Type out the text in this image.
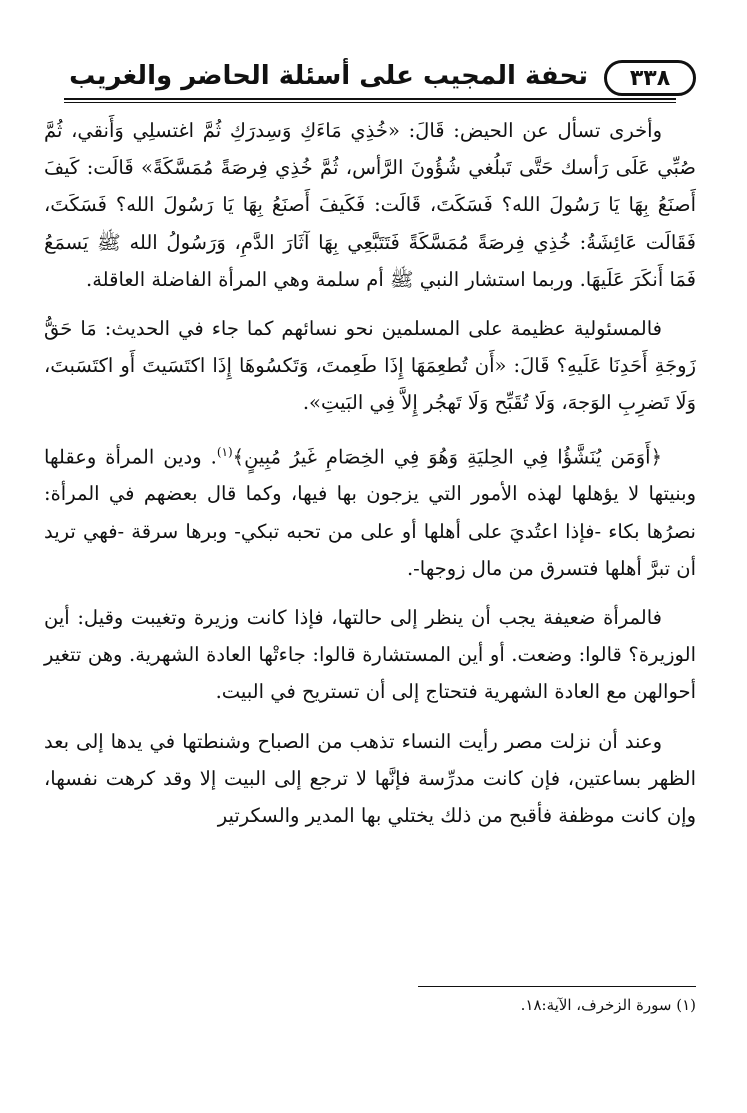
٣٣٨
تحفة المجيب على أسئلة الحاضر والغريب

وأخرى تسأل عن الحيض: قَالَ: «خُذِي مَاءَكِ وَسِدرَكِ ثُمَّ اغتسلِي وَأَنقي، ثُمَّ صُبِّي عَلَى رَأسك حَتَّى تَبلُغي شُؤُونَ الرَّأس، ثُمَّ خُذِي فِرصَةً مُمَسَّكَةً» قَالَت: كَيفَ أَصنَعُ بِهَا يَا رَسُولَ الله؟ فَسَكَتَ، قَالَت: فَكَيفَ أَصنَعُ بِهَا يَا رَسُولَ الله؟ فَسَكَتَ، فَقَالَت عَائِشَةُ: خُذِي فِرصَةً مُمَسَّكَةً فَتَتَبَّعِي بِهَا آثَارَ الدَّمِ، وَرَسُولُ الله ﷺ يَسمَعُ فَمَا أَنكَرَ عَلَيهَا. وربما استشار النبي ﷺ أم سلمة وهي المرأة الفاضلة العاقلة.

فالمسئولية عظيمة على المسلمين نحو نسائهم كما جاء في الحديث: مَا حَقُّ زَوجَةِ أَحَدِنَا عَلَيهِ؟ قَالَ: «أَن تُطعِمَهَا إِذَا طَعِمتَ، وَتَكسُوهَا إِذَا اكتَسَيتَ أَو اكتَسَبتَ، وَلَا تَضرِبِ الوَجهَ، وَلَا تُقَبِّح وَلَا تَهجُر إِلاَّ فِي البَيتِ».

﴿أَوَمَن يُنَشَّؤُا فِي الحِليَةِ وَهُوَ فِي الخِصَامِ غَيرُ مُبِينٍ﴾$^{(١)}$. ودين المرأة وعقلها وبنيتها لا يؤهلها لهذه الأمور التي يزجون بها فيها، وكما قال بعضهم في المرأة: نصرُها بكاء -فإذا اعتُديَ على أهلها أو على من تحبه تبكي- وبرها سرقة -فهي تريد أن تبرَّ أهلها فتسرق من مال زوجها-.

فالمرأة ضعيفة يجب أن ينظر إلى حالتها، فإذا كانت وزيرة وتغيبت وقيل: أين الوزيرة؟ قالوا: وضعت. أو أين المستشارة قالوا: جاءتْها العادة الشهرية. وهن تتغير أحوالهن مع العادة الشهرية فتحتاج إلى أن تستريح في البيت.

وعند أن نزلت مصر رأيت النساء تذهب من الصباح وشنطتها في يدها إلى بعد الظهر بساعتين، فإن كانت مدرِّسة فإنَّها لا ترجع إلى البيت إلا وقد كرهت نفسها، وإن كانت موظفة فأقبح من ذلك يختلي بها المدير والسكرتير

(١) سورة الزخرف، الآية:١٨.
